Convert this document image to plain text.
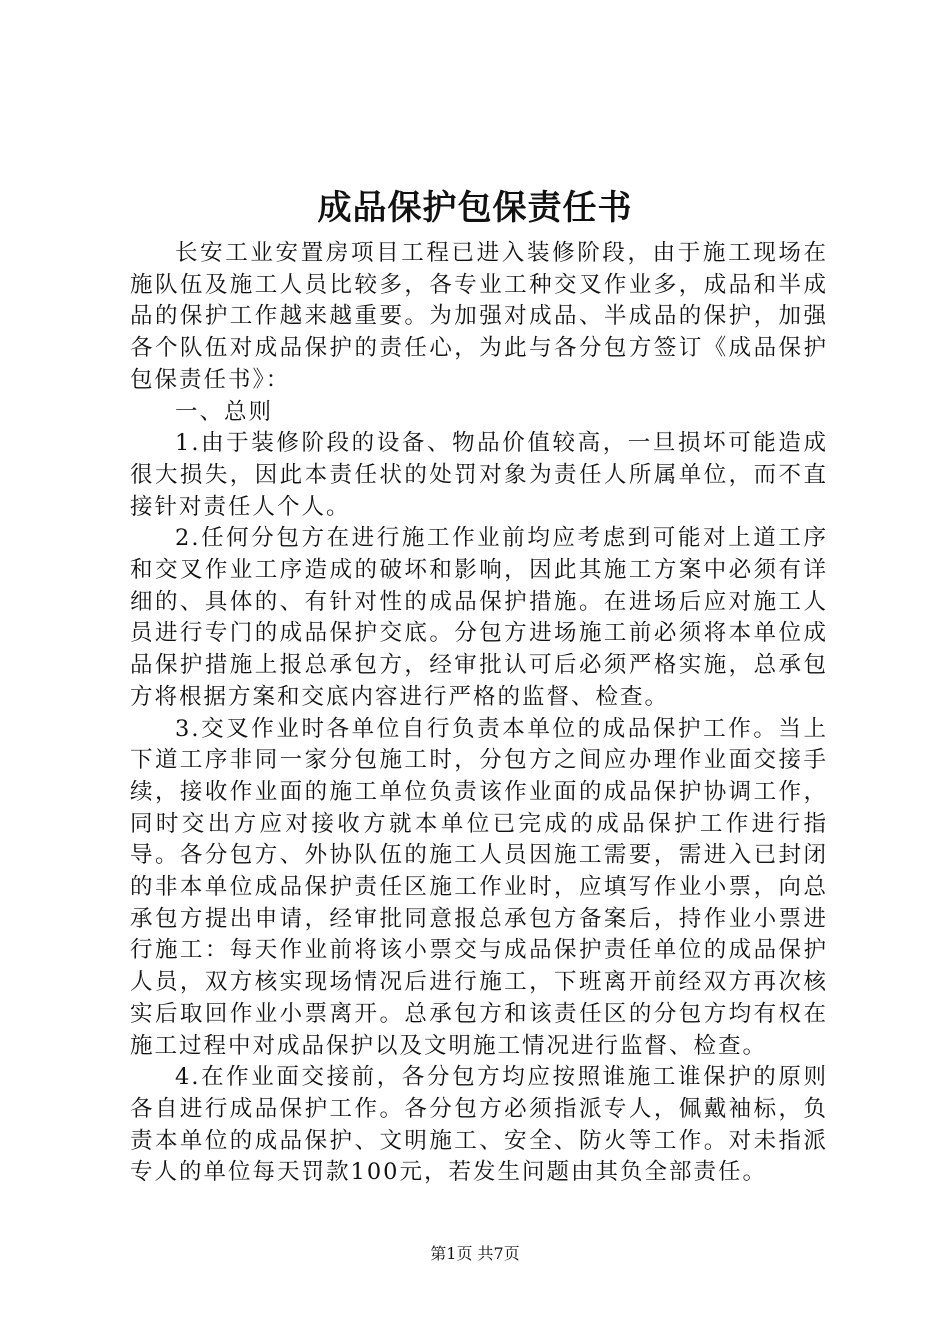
成品保护包保责任书

长安工业安置房项目工程已进入装修阶段，由于施工现场在施队伍及施工人员比较多，各专业工种交叉作业多，成品和半成品的保护工作越来越重要。为加强对成品、半成品的保护，加强各个队伍对成品保护的责任心，为此与各分包方签订《成品保护包保责任书》：

一、总则

1.由于装修阶段的设备、物品价值较高，一旦损坏可能造成很大损失，因此本责任状的处罚对象为责任人所属单位，而不直接针对责任人个人。

2.任何分包方在进行施工作业前均应考虑到可能对上道工序和交叉作业工序造成的破坏和影响，因此其施工方案中必须有详细的、具体的、有针对性的成品保护措施。在进场后应对施工人员进行专门的成品保护交底。分包方进场施工前必须将本单位成品保护措施上报总承包方，经审批认可后必须严格实施，总承包方将根据方案和交底内容进行严格的监督、检查。

3.交叉作业时各单位自行负责本单位的成品保护工作。当上下道工序非同一家分包施工时，分包方之间应办理作业面交接手续，接收作业面的施工单位负责该作业面的成品保护协调工作，同时交出方应对接收方就本单位已完成的成品保护工作进行指导。各分包方、外协队伍的施工人员因施工需要，需进入已封闭的非本单位成品保护责任区施工作业时，应填写作业小票，向总承包方提出申请，经审批同意报总承包方备案后，持作业小票进行施工：每天作业前将该小票交与成品保护责任单位的成品保护人员，双方核实现场情况后进行施工，下班离开前经双方再次核实后取回作业小票离开。总承包方和该责任区的分包方均有权在施工过程中对成品保护以及文明施工情况进行监督、检查。

4.在作业面交接前，各分包方均应按照谁施工谁保护的原则各自进行成品保护工作。各分包方必须指派专人，佩戴袖标，负责本单位的成品保护、文明施工、安全、防火等工作。对未指派专人的单位每天罚款100元，若发生问题由其负全部责任。

第1页 共7页
